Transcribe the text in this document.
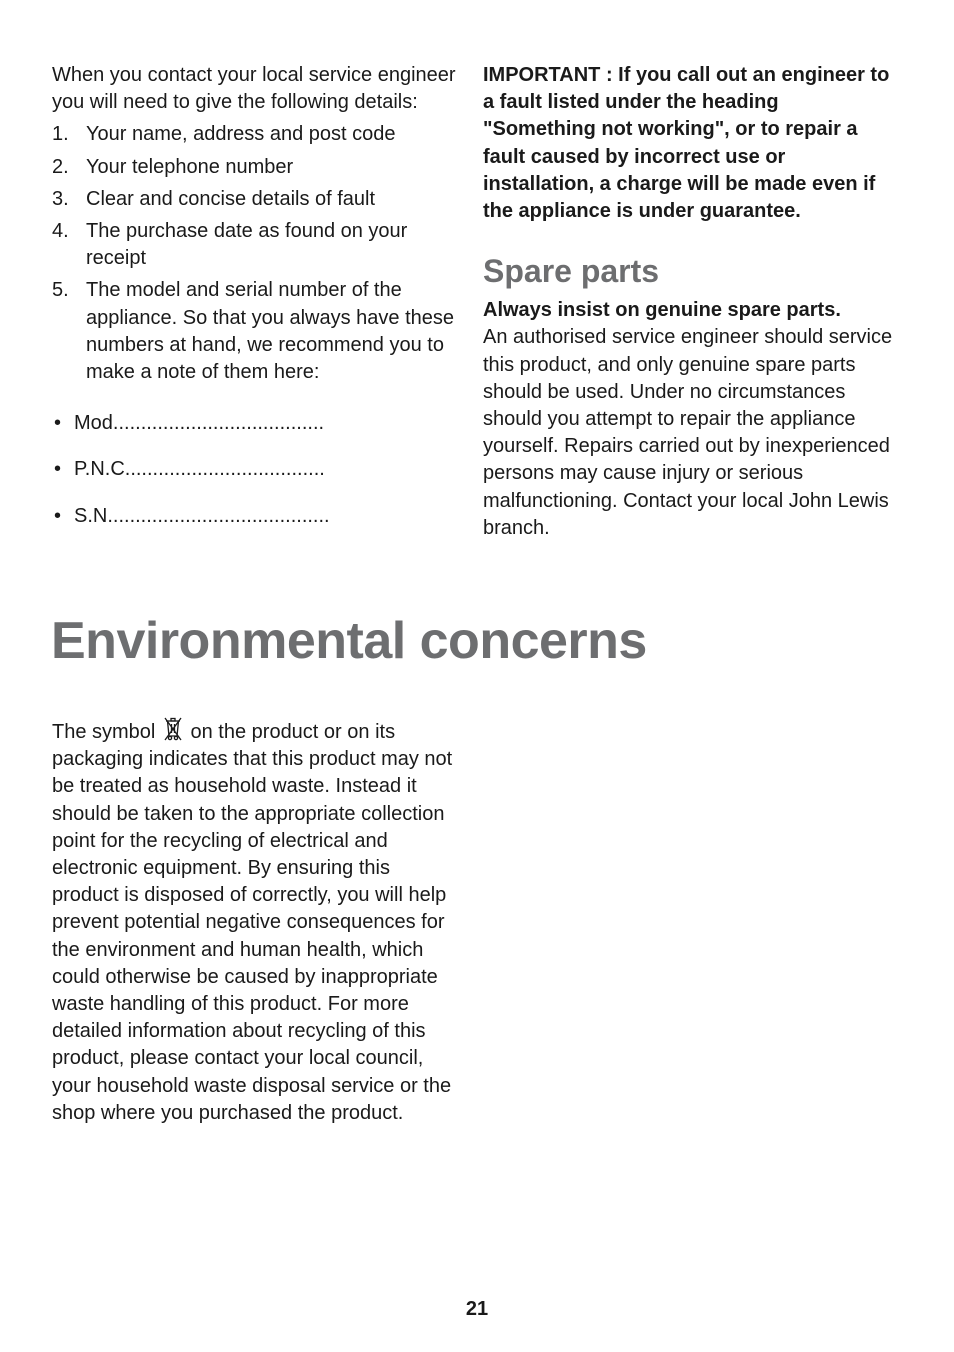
When you contact your local service engineer you will need to give the following details:

1. Your name, address and post code
2. Your telephone number
3. Clear and concise details of fault
4. The purchase date as found on your receipt
5. The model and serial number of the appliance. So that you always have these numbers at hand, we recommend you to make a note of them here:
• Mod......................................
• P.N.C....................................
• S.N........................................

IMPORTANT : If you call out an engineer to a fault listed under the heading "Something not working", or to repair a fault caused by incorrect use or installation, a charge will be made even if the appliance is under guarantee.

Spare parts

Always insist on genuine spare parts.
An authorised service engineer should service this product, and only genuine spare parts should be used. Under no circumstances should you attempt to repair the appliance yourself. Repairs carried out by inexperienced persons may cause injury or serious malfunctioning. Contact your local John Lewis branch.

Environmental concerns

The symbol  on the product or on its packaging indicates that this product may not be treated as household waste. Instead it should be taken to the appropriate collection point for the recycling of electrical and electronic equipment. By ensuring this product is disposed of correctly, you will help prevent potential negative consequences for the environment and human health, which could otherwise be caused by inappropriate waste handling of this product. For more detailed information about recycling of this product, please contact your local council, your household waste disposal service or the shop where you purchased the product.

21
